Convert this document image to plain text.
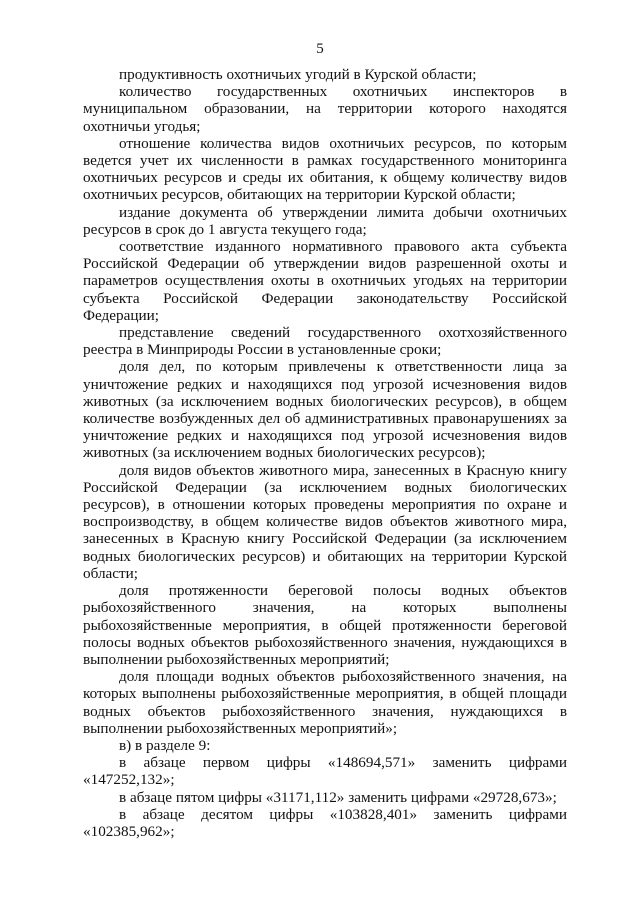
5

продуктивность охотничьих угодий в Курской области;

количество государственных охотничьих инспекторов в муниципальном образовании, на территории которого находятся охотничьи угодья;

отношение количества видов охотничьих ресурсов, по которым ведется учет их численности в рамках государственного мониторинга охотничьих ресурсов и среды их обитания, к общему количеству видов охотничьих ресурсов, обитающих на территории Курской области;

издание документа об утверждении лимита добычи охотничьих ресурсов в срок до 1 августа текущего года;

соответствие изданного нормативного правового акта субъекта Российской Федерации об утверждении видов разрешенной охоты и параметров осуществления охоты в охотничьих угодьях на территории субъекта Российской Федерации законодательству Российской Федерации;

представление сведений государственного охотхозяйственного реестра в Минприроды России в установленные сроки;

доля дел, по которым привлечены к ответственности лица за уничтожение редких и находящихся под угрозой исчезновения видов животных (за исключением водных биологических ресурсов), в общем количестве возбужденных дел об административных правонарушениях за уничтожение редких и находящихся под угрозой исчезновения видов животных (за исключением водных биологических ресурсов);

доля видов объектов животного мира, занесенных в Красную книгу Российской Федерации (за исключением водных биологических ресурсов), в отношении которых проведены мероприятия по охране и воспроизводству, в общем количестве видов объектов животного мира, занесенных в Красную книгу Российской Федерации (за исключением водных биологических ресурсов) и обитающих на территории Курской области;

доля протяженности береговой полосы водных объектов рыбохозяйственного значения, на которых выполнены рыбохозяйственные мероприятия, в общей протяженности береговой полосы водных объектов рыбохозяйственного значения, нуждающихся в выполнении рыбохозяйственных мероприятий;

доля площади водных объектов рыбохозяйственного значения, на которых выполнены рыбохозяйственные мероприятия, в общей площади водных объектов рыбохозяйственного значения, нуждающихся в выполнении рыбохозяйственных мероприятий»;

в) в разделе 9:

в абзаце первом цифры «148694,571» заменить цифрами «147252,132»;

в абзаце пятом цифры «31171,112» заменить цифрами «29728,673»;

в абзаце десятом цифры «103828,401» заменить цифрами «102385,962»;
